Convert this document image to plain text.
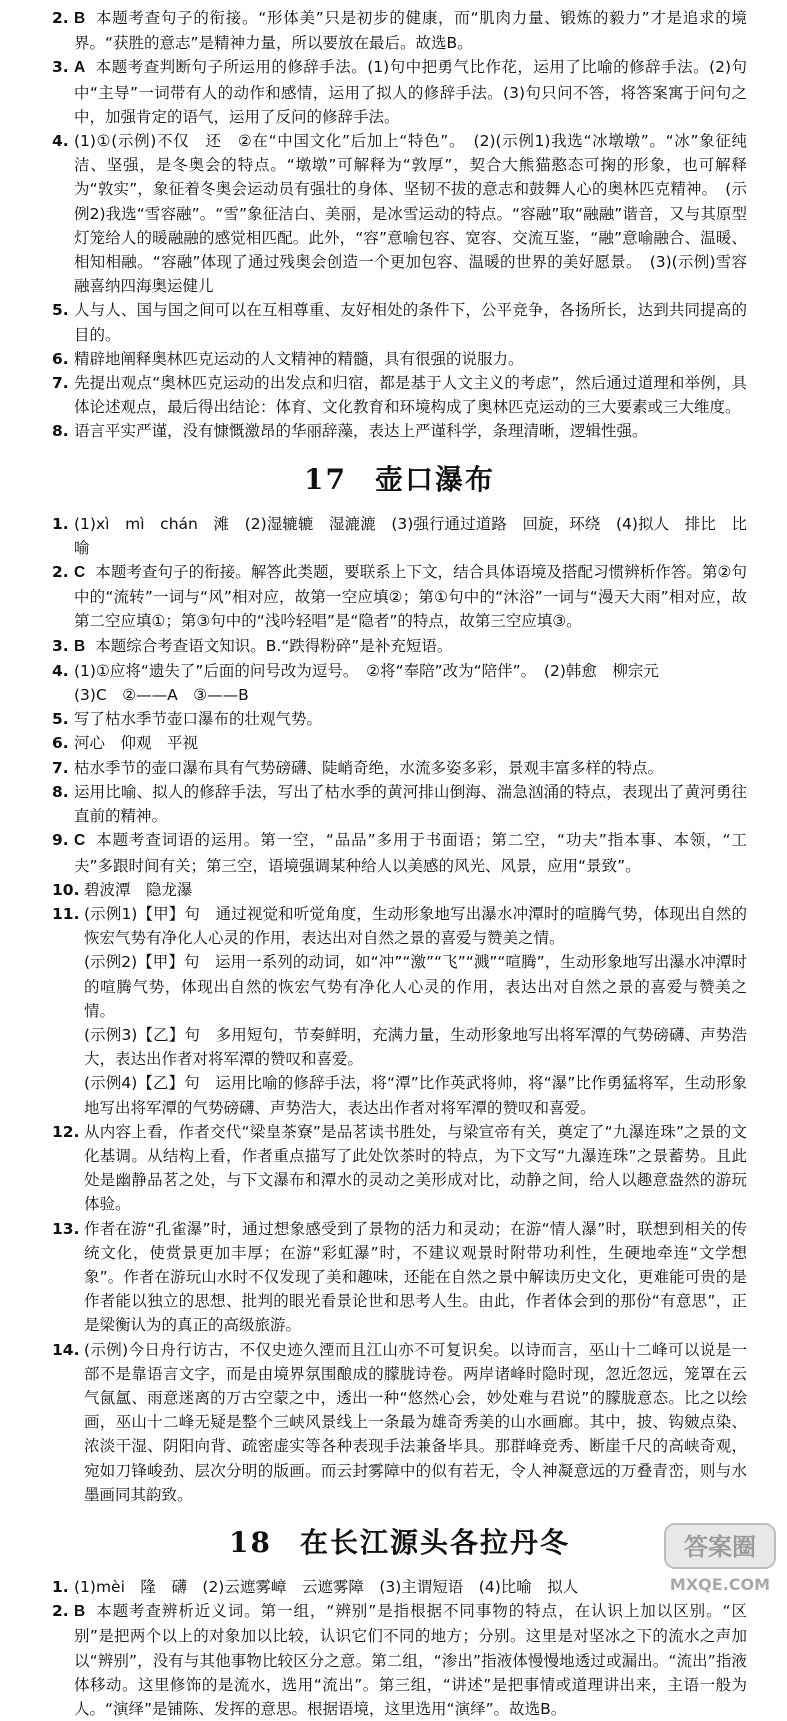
2. B 本题考查句子的衔接。“形体美”只是初步的健康，而“肌肉力量、锻炼的毅力”才是追求的境界。“获胜的意志”是精神力量，所以要放在最后。故选B。
3. A 本题考查判断句子所运用的修辞手法。(1)句中把勇气比作花，运用了比喻的修辞手法。(2)句中“主导”一词带有人的动作和感情，运用了拟人的修辞手法。(3)句只问不答，将答案寓于问句之中，加强肯定的语气，运用了反问的修辞手法。
4. (1)①(示例)不仅　还　②在“中国文化”后加上“特色”。　(2)(示例1)我选“冰墩墩”。“冰”象征纯洁、坚强，是冬奥会的特点。“墩墩”可解释为“敦厚”，契合大熊猫憨态可掬的形象，也可解释为“敦实”，象征着冬奥会运动员有强壮的身体、坚韧不拔的意志和鼓舞人心的奥林匹克精神。　(示例2)我选“雪容融”。“雪”象征洁白、美丽，是冰雪运动的特点。“容融”取“融融”谐音，又与其原型灯笼给人的暖融融的感觉相匹配。此外，“容”意喻包容、宽容、交流互鉴，“融”意喻融合、温暖、相知相融。“容融”体现了通过残奥会创造一个更加包容、温暖的世界的美好愿景。　(3)(示例)雪容融喜纳四海奥运健儿
5. 人与人、国与国之间可以在互相尊重、友好相处的条件下，公平竞争，各扬所长，达到共同提高的目的。
6. 精辟地阐释奥林匹克运动的人文精神的精髓，具有很强的说服力。
7. 先提出观点“奥林匹克运动的出发点和归宿，都是基于人文主义的考虑”，然后通过道理和举例，具体论述观点，最后得出结论：体育、文化教育和环境构成了奥林匹克运动的三大要素或三大维度。
8. 语言平实严谨，没有慷慨激昂的华丽辞藻，表达上严谨科学，条理清晰，逻辑性强。
17 壶口瀑布
1. (1)xì　mì　chán　滩　(2)湿辘辘　湿漉漉　(3)强行通过道路　回旋，环绕　(4)拟人　排比　比喻
2. C 本题考查句子的衔接。解答此类题，要联系上下文，结合具体语境及搭配习惯辨析作答。第②句中的“流转”一词与“风”相对应，故第一空应填②；第①句中的“沐浴”一词与“漫天大雨”相对应，故第二空应填①；第③句中的“浅吟轻唱”是“隐者”的特点，故第三空应填③。
3. B 本题综合考查语文知识。B.“跌得粉碎”是补充短语。
4. (1)①应将“遗失了”后面的问号改为逗号。　②将“奉陪”改为“陪伴”。　(2)韩愈　柳宗元
(3)C　②——A　③——B
5. 写了枯水季节壶口瀑布的壮观气势。
6. 河心　仰观　平视
7. 枯水季节的壶口瀑布具有气势磅礴、陡峭奇绝，水流多姿多彩，景观丰富多样的特点。
8. 运用比喻、拟人的修辞手法，写出了枯水季的黄河排山倒海、湍急汹涌的特点，表现出了黄河勇往直前的精神。
9. C 本题考查词语的运用。第一空，“品品”多用于书面语；第二空，“功夫”指本事、本领，“工夫”多跟时间有关；第三空，语境强调某种给人以美感的风光、风景，应用“景致”。
10. 碧波潭　隐龙瀑
11. (示例1)【甲】句　通过视觉和听觉角度，生动形象地写出瀑水冲潭时的喧腾气势，体现出自然的恢宏气势有净化人心灵的作用，表达出对自然之景的喜爱与赞美之情。
(示例2)【甲】句　运用一系列的动词，如“冲”“激”“飞”“溅”“喧腾”，生动形象地写出瀑水冲潭时的喧腾气势，体现出自然的恢宏气势有净化人心灵的作用，表达出对自然之景的喜爱与赞美之情。
(示例3)【乙】句　多用短句，节奏鲜明，充满力量，生动形象地写出将军潭的气势磅礴、声势浩大，表达出作者对将军潭的赞叹和喜爱。
(示例4)【乙】句　运用比喻的修辞手法，将“潭”比作英武将帅，将“瀑”比作勇猛将军，生动形象地写出将军潭的气势磅礴、声势浩大，表达出作者对将军潭的赞叹和喜爱。
12. 从内容上看，作者交代“梁皇茶寮”是品茗读书胜处，与梁宣帝有关，奠定了“九瀑连珠”之景的文化基调。从结构上看，作者重点描写了此处饮茶时的特点，为下文写“九瀑连珠”之景蓄势。且此处是幽静品茗之处，与下文瀑布和潭水的灵动之美形成对比，动静之间，给人以趣意盎然的游玩体验。
13. 作者在游“孔雀瀑”时，通过想象感受到了景物的活力和灵动；在游“情人瀑”时，联想到相关的传统文化，使赏景更加丰厚；在游“彩虹瀑”时，不建议观景时附带功利性，生硬地牵连“文学想象”。作者在游玩山水时不仅发现了美和趣味，还能在自然之景中解读历史文化，更难能可贵的是作者能以独立的思想、批判的眼光看景论世和思考人生。由此，作者体会到的那份“有意思”，正是梁衡认为的真正的高级旅游。
14. (示例)今日舟行访古，不仅史迹久湮而且江山亦不可复识矣。以诗而言，巫山十二峰可以说是一部不是靠语言文字，而是由境界氛围酿成的朦胧诗卷。两岸诸峰时隐时现，忽近忽远，笼罩在云气氤氲、雨意迷离的万古空蒙之中，透出一种“悠然心会，妙处难与君说”的朦胧意态。比之以绘画，巫山十二峰无疑是整个三峡风景线上一条最为雄奇秀美的山水画廊。其中，披、钩皴点染、浓淡干湿、阴阳向背、疏密虚实等各种表现手法兼备毕具。那群峰竞秀、断崖千尺的高峡奇观，宛如刀锋峻劲、层次分明的版画。而云封雾障中的似有若无，令人神凝意远的万叠青峦，则与水墨画同其韵致。
18 在长江源头各拉丹冬
1. (1)mèi　隆　礴　(2)云遮雾嶂　云遮雾障　(3)主谓短语　(4)比喻　拟人
2. B 本题考查辨析近义词。第一组，“辨别”是指根据不同事物的特点，在认识上加以区别。“区别”是把两个以上的对象加以比较，认识它们不同的地方；分别。这里是对坚冰之下的流水之声加以“辨别”，没有与其他事物比较区分之意。第二组，“渗出”指液体慢慢地透过或漏出。“流出”指液体移动。这里修饰的是流水，选用“流出”。第三组，“讲述”是把事情或道理讲出来，主语一般为人。“演绎”是铺陈、发挥的意思。根据语境，这里选用“演绎”。故选B。
答案圈
MXQE.COM
